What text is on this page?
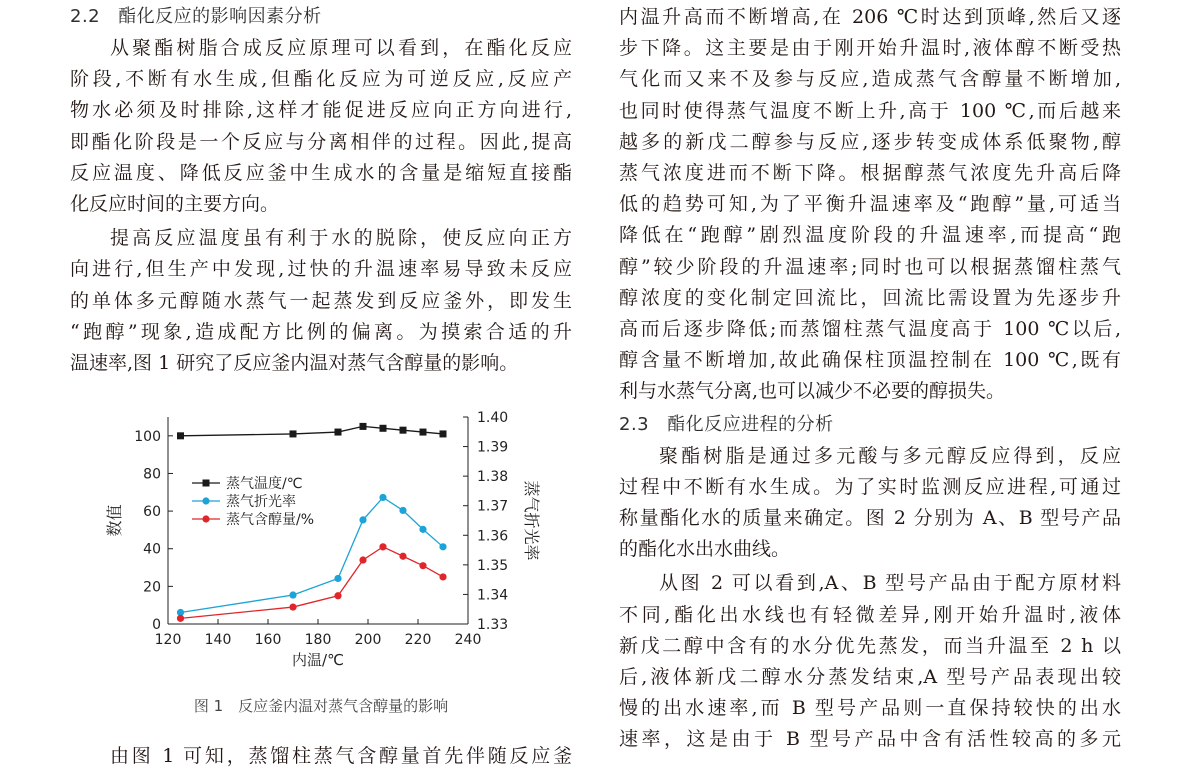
2.2 酯化反应的影响因素分析

从聚酯树脂合成反应原理可以看到，在酯化反应
阶段,不断有水生成,但酯化反应为可逆反应,反应产
物水必须及时排除,这样才能促进反应向正方向进行,
即酯化阶段是一个反应与分离相伴的过程。因此,提高
反应温度、降低反应釜中生成水的含量是缩短直接酯
化反应时间的主要方向。

提高反应温度虽有利于水的脱除，使反应向正方
向进行,但生产中发现,过快的升温速率易导致未反应
的单体多元醇随水蒸气一起蒸发到反应釜外，即发生
“跑醇”现象,造成配方比例的偏离。为摸索合适的升
温速率,图 1 研究了反应釜内温对蒸气含醇量的影响。

120 140 160 180 200 220 240
0
20
40
60
80
100
1.33
1.34
1.35
1.36
1.37
1.38
1.39
1.40
内温/℃
数值	蒸气折光率
蒸气温度/℃
蒸气折光率
蒸气含醇量/%
图 1　反应釜内温对蒸气含醇量的影响
由图 1 可知，蒸馏柱蒸气含醇量首先伴随反应釜

内温升高而不断增高,在 206 ℃时达到顶峰,然后又逐
步下降。这主要是由于刚开始升温时,液体醇不断受热
气化而又来不及参与反应,造成蒸气含醇量不断增加,
也同时使得蒸气温度不断上升,高于 100 ℃,而后越来
越多的新戊二醇参与反应,逐步转变成体系低聚物,醇
蒸气浓度进而不断下降。根据醇蒸气浓度先升高后降
低的趋势可知,为了平衡升温速率及“跑醇”量,可适当
降低在“跑醇”剧烈温度阶段的升温速率,而提高“跑
醇”较少阶段的升温速率;同时也可以根据蒸馏柱蒸气
醇浓度的变化制定回流比，回流比需设置为先逐步升
高而后逐步降低;而蒸馏柱蒸气温度高于 100 ℃以后,
醇含量不断增加,故此确保柱顶温控制在 100 ℃,既有
利与水蒸气分离,也可以减少不必要的醇损失。

2.3 酯化反应进程的分析

聚酯树脂是通过多元酸与多元醇反应得到，反应
过程中不断有水生成。为了实时监测反应进程,可通过
称量酯化水的质量来确定。图 2 分别为 A、B 型号产品
的酯化水出水曲线。

从图 2 可以看到,A、B 型号产品由于配方原材料
不同,酯化出水线也有轻微差异,刚开始升温时,液体
新戊二醇中含有的水分优先蒸发，而当升温至 2 h 以
后,液体新戊二醇水分蒸发结束,A 型号产品表现出较
慢的出水速率,而 B 型号产品则一直保持较快的出水
速率，这是由于 B 型号产品中含有活性较高的多元
